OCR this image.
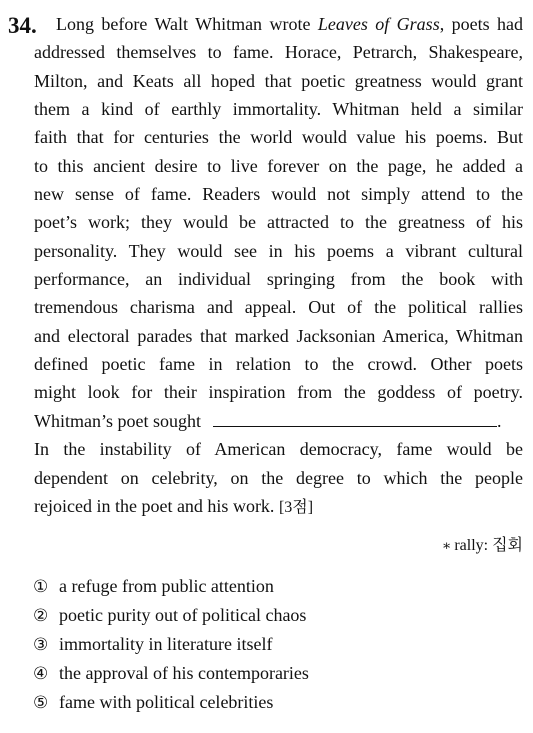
34.	Long before Walt Whitman wrote Leaves of Grass, poets had
addressed themselves to fame. Horace, Petrarch, Shakespeare,
Milton, and Keats all hoped that poetic greatness would grant
them a kind of earthly immortality. Whitman held a similar
faith that for centuries the world would value his poems. But
to this ancient desire to live forever on the page, he added a
new sense of fame. Readers would not simply attend to the
poet’s work; they would be attracted to the greatness of his
personality. They would see in his poems a vibrant cultural
performance, an individual springing from the book with
tremendous charisma and appeal. Out of the political rallies
and electoral parades that marked Jacksonian America, Whitman
defined poetic fame in relation to the crowd. Other poets
might look for their inspiration from the goddess of poetry.
Whitman’s poet sought	.
In the instability of American democracy, fame would be
dependent on celebrity, on the degree to which the people
rejoiced in the poet and his work. [3점]
∗ rally: 집회
① a refuge from public attention
② poetic purity out of political chaos
③ immortality in literature itself
④ the approval of his contemporaries
⑤ fame with political celebrities
